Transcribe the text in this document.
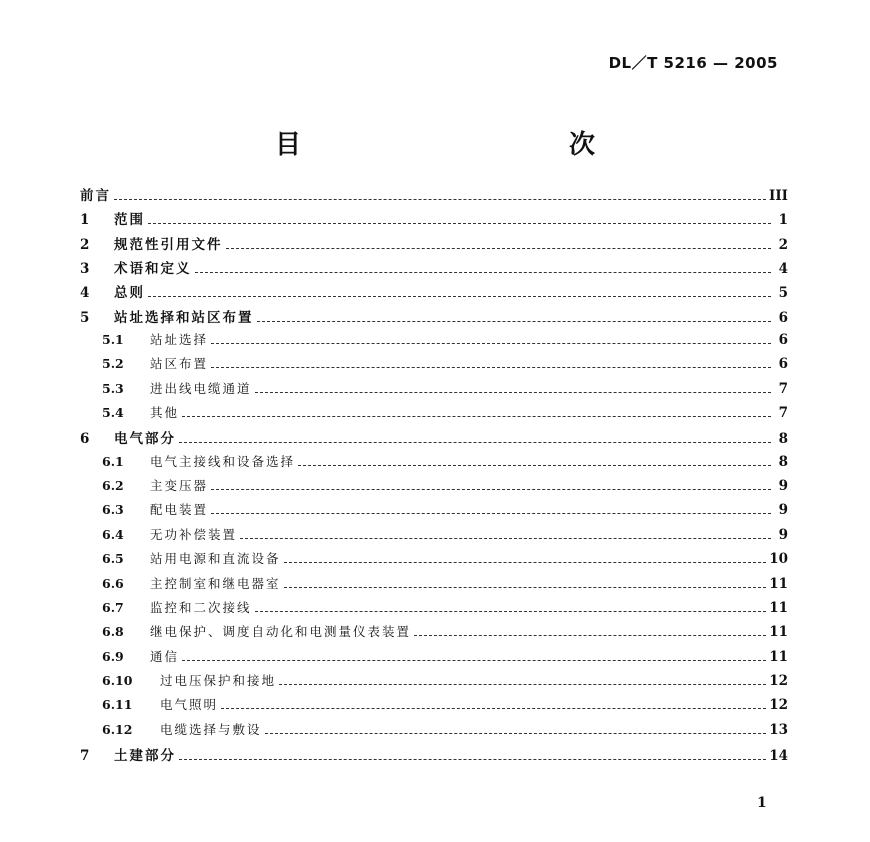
DL／T 5216 — 2005
目　　次
前言	III
1	范围	1
2	规范性引用文件	2
3	术语和定义	4
4	总则	5
5	站址选择和站区布置	6
5.1	站址选择	6
5.2	站区布置	6
5.3	进出线电缆通道	7
5.4	其他	7
6	电气部分	8
6.1	电气主接线和设备选择	8
6.2	主变压器	9
6.3	配电装置	9
6.4	无功补偿装置	9
6.5	站用电源和直流设备	10
6.6	主控制室和继电器室	11
6.7	监控和二次接线	11
6.8	继电保护、调度自动化和电测量仪表装置	11
6.9	通信	11
6.10	过电压保护和接地	12
6.11	电气照明	12
6.12	电缆选择与敷设	13
7	土建部分	14
1
